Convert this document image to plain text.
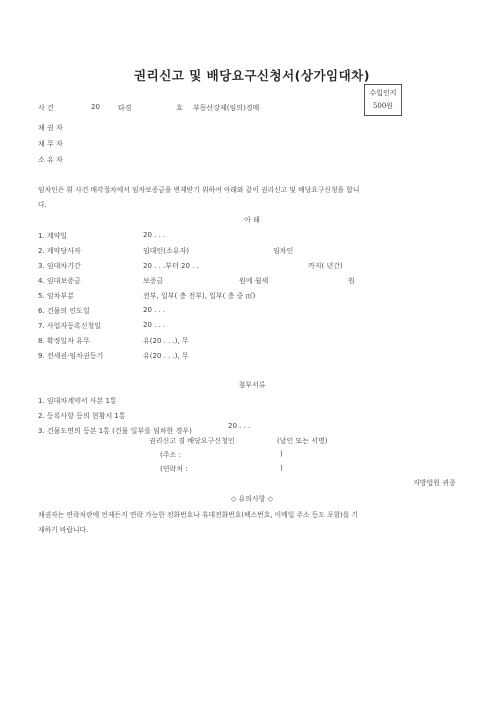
권리신고 및 배당요구신청서(상가임대차)
수입인지
500원
사 건	20	타경	호 부동산강제(임의)경매
채 권 자
채 무 자
소 유 자
임차인은 위 사건 매각절차에서 임차보증금을 변제받기 위하여 아래와 같이 권리신고 및 배당요구신청을 합니
다.
아 래
1. 계약일	20 . . .
2. 계약당사자	임대인(소유자)	임차인
3. 임대차기간	20 . . .부터 20 . .	까지( 년간)
4. 임대보증금	보증금	원에 월세	원
5. 임차부분	전부, 일부( 층 전부), 일부( 층 중 ㎡)
6. 건물의 인도일	20 . . .
7. 사업자등록신청일	20 . . .
8. 확정일자 유무	유(20 . . .), 무
9. 전세권·임차권등기	유(20 . . .), 무
첨부서류
1. 임대차계약서 사본 1통
2. 등록사항 등의 현황서 1통
3. 건물도면의 등본 1통 (건물 일부를 임차한 경우)
20 . . .
권리신고 겸 배당요구신청인	(날인 또는 서명)
(주소 :	)
(연락처 :	)
지방법원 귀중
◇ 유의사항 ◇
채권자는 연락처란에 언제든지 연락 가능한 전화번호나 휴대전화번호(팩스번호, 이메일 주소 등도 포함)를 기
재하기 바랍니다.
